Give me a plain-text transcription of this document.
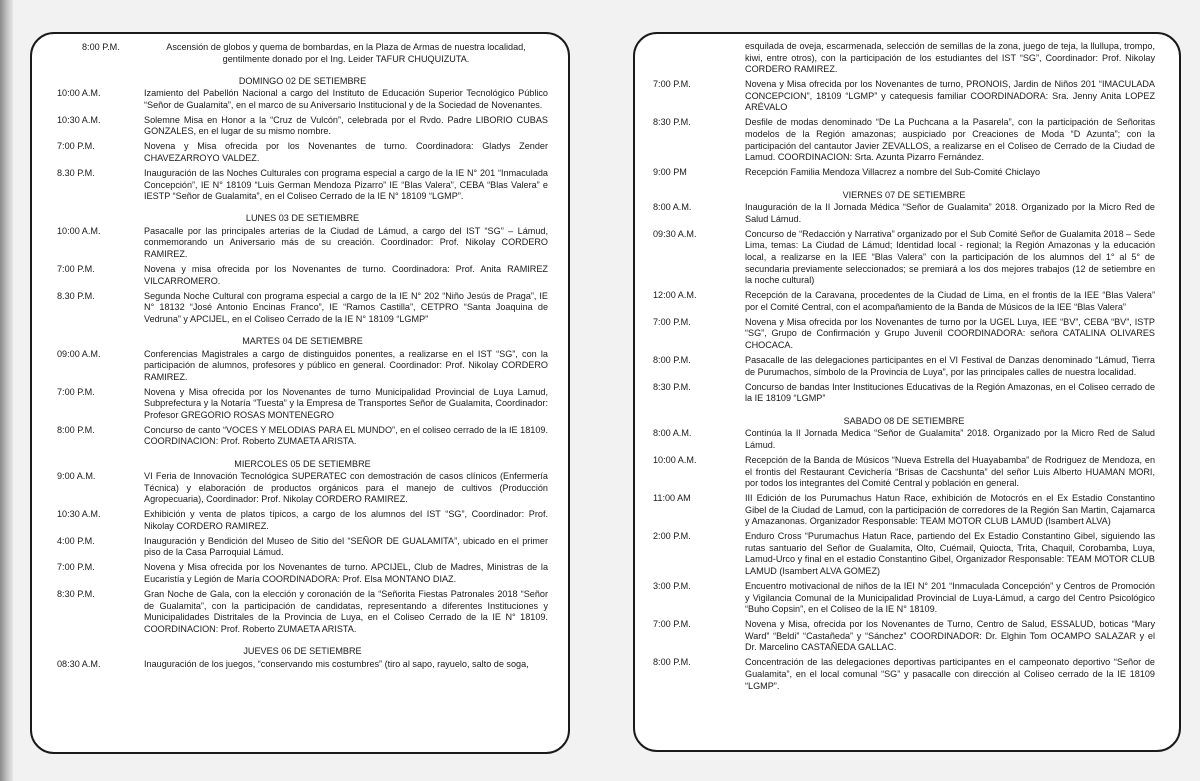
8:00 P.M.	Ascensión de globos y quema de bombardas, en la Plaza de Armas de nuestra localidad,
gentilmente donado por el Ing. Leider TAFUR CHUQUIZUTA.
DOMINGO 02 DE SETIEMBRE
10:00 A.M.	Izamiento del Pabellón Nacional a cargo del Instituto de Educación Superior Tecnológico Público “Señor de Gualamita”, en el marco de su Aniversario Institucional y de la Sociedad de Novenantes.
10:30 A.M.	Solemne Misa en Honor a la “Cruz de Vulcón”, celebrada por el Rvdo. Padre LIBORIO CUBAS GONZALES, en el lugar de su mismo nombre.
7:00 P.M.	Novena y Misa ofrecida por los Novenantes de turno. Coordinadora: Gladys Zender CHAVEZARROYO VALDEZ.
8.30 P.M.	Inauguración de las Noches Culturales con programa especial a cargo de la IE N° 201 “Inmaculada Concepción”, IE N° 18109 “Luis German Mendoza Pizarro” IE “Blas Valera”, CEBA “Blas Valera” e IESTP “Señor de Gualamita”, en el Coliseo Cerrado de la IE N° 18109 “LGMP”.
LUNES 03 DE SETIEMBRE
10:00 A.M.	Pasacalle por las principales arterias de la Ciudad de Lámud, a cargo del IST “SG” – Lámud, conmemorando un Aniversario más de su creación. Coordinador: Prof. Nikolay CORDERO RAMIREZ.
7:00 P.M.	Novena y misa ofrecida por los Novenantes de turno. Coordinadora: Prof. Anita RAMIREZ VILCARROMERO.
8.30 P.M.	Segunda Noche Cultural con programa especial a cargo de la IE N° 202 “Niño Jesús de Praga”, IE N° 18132 “José Antonio Encinas Franco”, IE “Ramos Castilla”, CETPRO “Santa Joaquina de Vedruna” y APCIJEL, en el Coliseo Cerrado de la IE N° 18109 “LGMP”
MARTES 04 DE SETIEMBRE
09:00 A.M.	Conferencias Magistrales a cargo de distinguidos ponentes, a realizarse en el IST “SG”, con la participación de alumnos, profesores y público en general. Coordinador: Prof. Nikolay CORDERO RAMIREZ.
7:00 P.M.	Novena y Misa ofrecida por los Novenantes de turno Municipalidad Provincial de Luya Lamud, Subprefectura y la Notaría “Tuesta” y la Empresa de Transportes Señor de Gualamita, Coordinador: Profesor GREGORIO ROSAS MONTENEGRO
8:00 P.M.	Concurso de canto “VOCES Y MELODIAS PARA EL MUNDO”, en el coliseo cerrado de la IE 18109. COORDINACION: Prof. Roberto ZUMAETA ARISTA.
MIERCOLES 05 DE SETIEMBRE
9:00 A.M.	VI Feria de Innovación Tecnológica SUPERATEC con demostración de casos clínicos (Enfermería Técnica) y elaboración de productos orgánicos para el manejo de cultivos (Producción Agropecuaria), Coordinador: Prof. Nikolay CORDERO RAMIREZ.
10:30 A.M.	Exhibición y venta de platos típicos, a cargo de los alumnos del IST “SG”, Coordinador: Prof. Nikolay CORDERO RAMIREZ.
4:00 P.M.	Inauguración y Bendición del Museo de Sitio del “SEÑOR DE GUALAMITA”, ubicado en el primer piso de la Casa Parroquial Lámud.
7:00 P.M.	Novena y Misa ofrecida por los Novenantes de turno. APCIJEL, Club de Madres, Ministras de la Eucaristía y Legión de María COORDINADORA: Prof. Elsa MONTANO DIAZ.
8:30 P.M.	Gran Noche de Gala, con la elección y coronación de la “Señorita Fiestas Patronales 2018 “Señor de Gualamita”, con la participación de candidatas, representando a diferentes Instituciones y Municipalidades Distritales de la Provincia de Luya, en el Coliseo Cerrado de la IE N° 18109. COORDINACION: Prof. Roberto ZUMAETA ARISTA.
JUEVES 06 DE SETIEMBRE
08:30 A.M.	Inauguración de los juegos, “conservando mis costumbres” (tiro al sapo, rayuelo, salto de soga,
esquilada de oveja, escarmenada, selección de semillas de la zona, juego de teja, la llullupa, trompo, kiwi, entre otros), con la participación de los estudiantes del IST “SG”, Coordinador: Prof. Nikolay CORDERO RAMIREZ.
7:00 P.M.	Novena y Misa ofrecida por los Novenantes de turno, PRONOIS, Jardin de Niños 201 “IMACULADA CONCEPCION”, 18109 “LGMP” y catequesis familiar COORDINADORA: Sra. Jenny Anita LOPEZ ARÉVALO
8:30 P.M.	Desfile de modas denominado “De La Puchcana a la Pasarela”, con la participación de Señoritas modelos de la Región amazonas; auspiciado por Creaciones de Moda “D Azunta”; con la participación del cantautor Javier ZEVALLOS, a realizarse en el Coliseo de Cerrado de la Ciudad de Lamud. COORDINACION: Srta. Azunta Pizarro Fernández.
9:00 PM	Recepción Familia Mendoza Villacrez a nombre del Sub-Comité Chiclayo
VIERNES 07 DE SETIEMBRE
8:00 A.M.	Inauguración de la II Jornada Médica “Señor de Gualamita” 2018. Organizado por la Micro Red de Salud Lámud.
09:30 A.M.	Concurso de “Redacción y Narrativa” organizado por el Sub Comité Señor de Gualamita 2018 – Sede Lima, temas: La Ciudad de Lámud; Identidad local - regional; la Región Amazonas y la educación local, a realizarse en la IEE “Blas Valera” con la participación de los alumnos del 1° al 5° de secundaria previamente seleccionados; se premiará a los dos mejores trabajos (12 de setiembre en la noche cultural)
12:00 A.M.	Recepción de la Caravana, procedentes de la Ciudad de Lima, en el frontis de la IEE “Blas Valera” por el Comité Central, con el acompañamiento de la Banda de Músicos de la IEE “Blas Valera”
7:00 P.M.	Novena y Misa ofrecida por los Novenantes de turno por la UGEL Luya, IEE “BV”, CEBA “BV”, ISTP “SG”, Grupo de Confirmación y Grupo Juvenil COORDINADORA: señora CATALINA OLIVARES CHOCACA.
8:00 P.M.	Pasacalle de las delegaciones participantes en el VI Festival de Danzas denominado “Lámud, Tierra de Purumachos, símbolo de la Provincia de Luya”, por las principales calles de nuestra localidad.
8:30 P.M.	Concurso de bandas Inter Instituciones Educativas de la Región Amazonas, en el Coliseo cerrado de la IE 18109 “LGMP”
SABADO 08 DE SETIEMBRE
8:00 A.M.	Continúa la II Jornada Medica “Señor de Gualamita” 2018. Organizado por la Micro Red de Salud Lámud.
10:00 A.M.	Recepción de la Banda de Músicos “Nueva Estrella del Huayabamba” de Rodriguez de Mendoza, en el frontis del Restaurant Cevichería “Brisas de Cacshunta” del señor Luis Alberto HUAMAN MORI, por todos los integrantes del Comité Central y población en general.
11:00 AM	III Edición de los Purumachus Hatun Race, exhibición de Motocrós en el Ex Estadio Constantino Gibel de la Ciudad de Lamud, con la participación de corredores de la Región San Martin, Cajamarca y Amazanonas. Organizador Responsable: TEAM MOTOR CLUB LAMUD (Isambert ALVA)
2:00 P.M.	Enduro Cross “Purumachus Hatun Race, partiendo del Ex Estadio Constantino Gibel, siguiendo las rutas santuario del Señor de Gualamita, Olto, Cuémail, Quiocta, Trita, Chaquil, Corobamba, Luya, Lamud-Urco y final en el estadio Constantino Gibel, Organizador Responsable: TEAM MOTOR CLUB LAMUD (Isambert ALVA GOMEZ)
3:00 P.M.	Encuentro motivacional de niños de la IEI N° 201 “Inmaculada Concepción” y Centros de Promoción y Vigilancia Comunal de la Municipalidad Provincial de Luya-Lámud, a cargo del Centro Psicológico “Buho Copsin”, en el Coliseo de la IE N° 18109.
7:00 P.M.	Novena y Misa, ofrecida por los Novenantes de Turno, Centro de Salud, ESSALUD, boticas “Mary Ward” “Beldi” “Castañeda” y “Sánchez” COORDINADOR: Dr. Elghin Tom OCAMPO SALAZAR y el Dr. Marcelino CASTAÑEDA GALLAC.
8:00 P.M.	Concentración de las delegaciones deportivas participantes en el campeonato deportivo “Señor de Gualamita”, en el local comunal “SG” y pasacalle con dirección al Coliseo cerrado de la IE 18109 “LGMP”.
